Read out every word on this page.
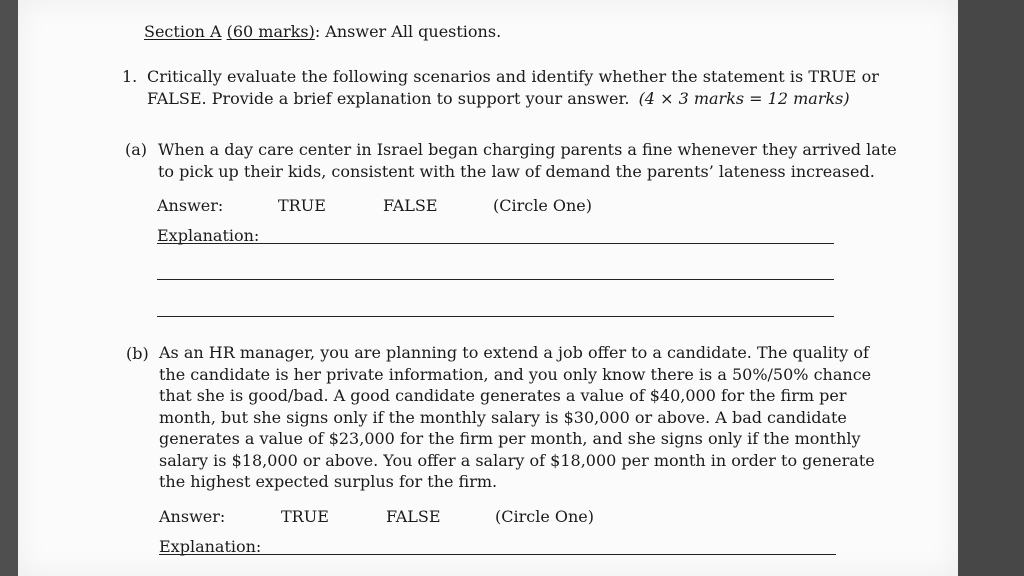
Section A (60 marks): Answer All questions.
1. Critically evaluate the following scenarios and identify whether the statement is TRUE or
FALSE. Provide a brief explanation to support your answer. (4 × 3 marks = 12 marks)
(a) When a day care center in Israel began charging parents a fine whenever they arrived late
to pick up their kids, consistent with the law of demand the parents’ lateness increased.
Answer:	TRUE	FALSE	(Circle One)
Explanation:
(b) As an HR manager, you are planning to extend a job offer to a candidate. The quality of
the candidate is her private information, and you only know there is a 50%/50% chance
that she is good/bad. A good candidate generates a value of $40,000 for the firm per
month, but she signs only if the monthly salary is $30,000 or above. A bad candidate
generates a value of $23,000 for the firm per month, and she signs only if the monthly
salary is $18,000 or above. You offer a salary of $18,000 per month in order to generate
the highest expected surplus for the firm.
Answer:	TRUE	FALSE	(Circle One)
Explanation:
